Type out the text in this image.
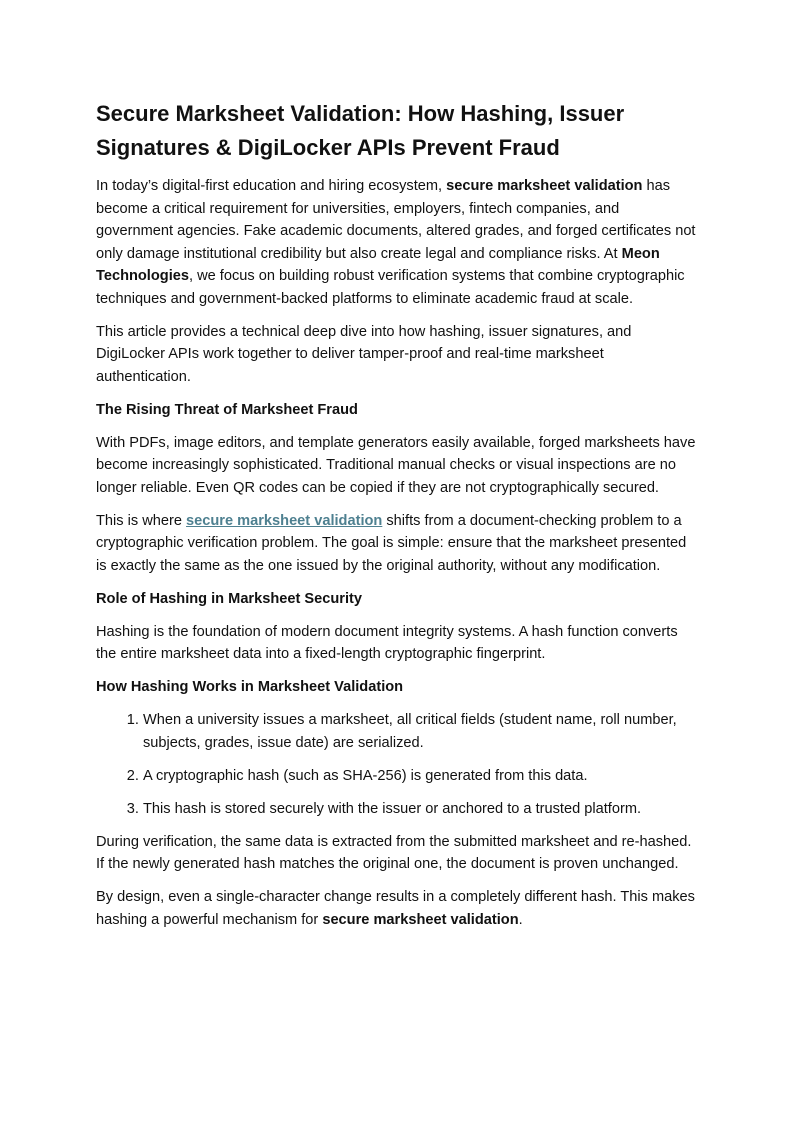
Secure Marksheet Validation: How Hashing, Issuer Signatures & DigiLocker APIs Prevent Fraud

In today’s digital-first education and hiring ecosystem, secure marksheet validation has become a critical requirement for universities, employers, fintech companies, and government agencies. Fake academic documents, altered grades, and forged certificates not only damage institutional credibility but also create legal and compliance risks. At Meon Technologies, we focus on building robust verification systems that combine cryptographic techniques and government-backed platforms to eliminate academic fraud at scale.

This article provides a technical deep dive into how hashing, issuer signatures, and DigiLocker APIs work together to deliver tamper-proof and real-time marksheet authentication.

The Rising Threat of Marksheet Fraud

With PDFs, image editors, and template generators easily available, forged marksheets have become increasingly sophisticated. Traditional manual checks or visual inspections are no longer reliable. Even QR codes can be copied if they are not cryptographically secured.

This is where secure marksheet validation shifts from a document-checking problem to a cryptographic verification problem. The goal is simple: ensure that the marksheet presented is exactly the same as the one issued by the original authority, without any modification.

Role of Hashing in Marksheet Security

Hashing is the foundation of modern document integrity systems. A hash function converts the entire marksheet data into a fixed-length cryptographic fingerprint.

How Hashing Works in Marksheet Validation
1. When a university issues a marksheet, all critical fields (student name, roll number, subjects, grades, issue date) are serialized.
2. A cryptographic hash (such as SHA-256) is generated from this data.
3. This hash is stored securely with the issuer or anchored to a trusted platform.

During verification, the same data is extracted from the submitted marksheet and re-hashed. If the newly generated hash matches the original one, the document is proven unchanged.

By design, even a single-character change results in a completely different hash. This makes hashing a powerful mechanism for secure marksheet validation.
